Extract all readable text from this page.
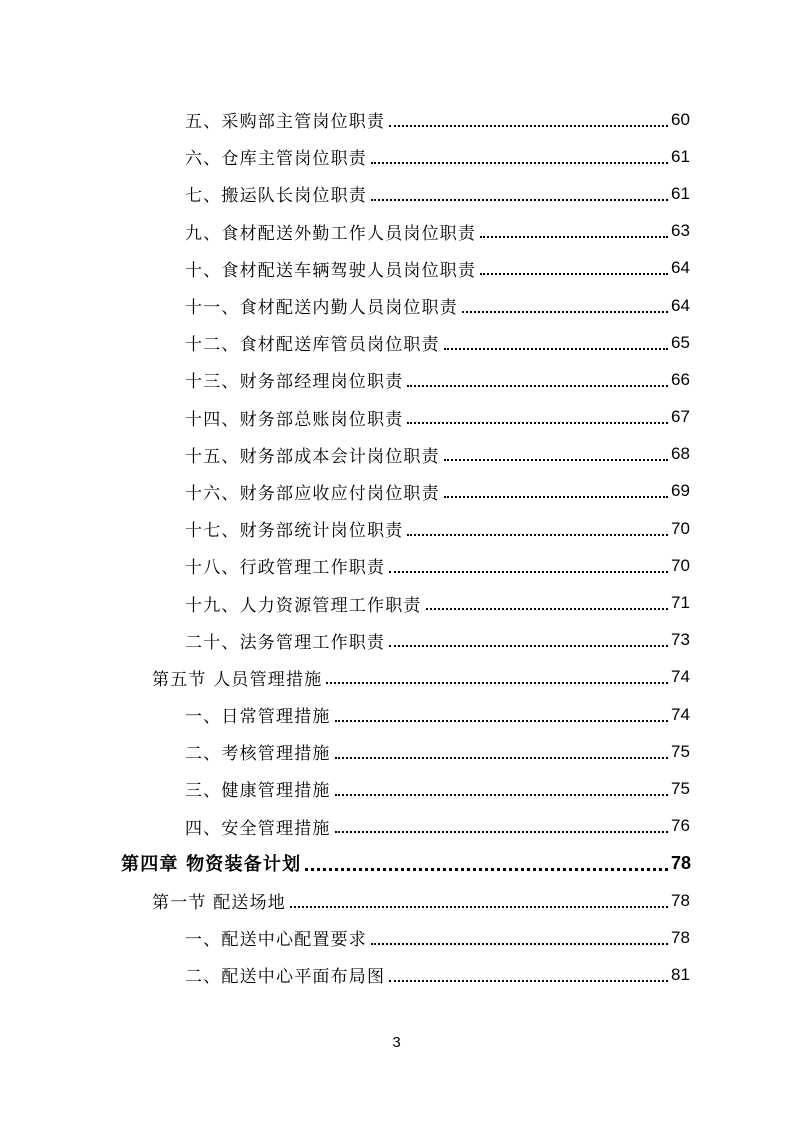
五、采购部主管岗位职责	60
六、仓库主管岗位职责	61
七、搬运队长岗位职责	61
九、食材配送外勤工作人员岗位职责	63
十、食材配送车辆驾驶人员岗位职责	64
十一、食材配送内勤人员岗位职责	64
十二、食材配送库管员岗位职责	65
十三、财务部经理岗位职责	66
十四、财务部总账岗位职责	67
十五、财务部成本会计岗位职责	68
十六、财务部应收应付岗位职责	69
十七、财务部统计岗位职责	70
十八、行政管理工作职责	70
十九、人力资源管理工作职责	71
二十、法务管理工作职责	73
第五节 人员管理措施	74
一、日常管理措施	74
二、考核管理措施	75
三、健康管理措施	75
四、安全管理措施	76
第四章 物资装备计划	78
第一节 配送场地	78
一、配送中心配置要求	78
二、配送中心平面布局图	81
3
